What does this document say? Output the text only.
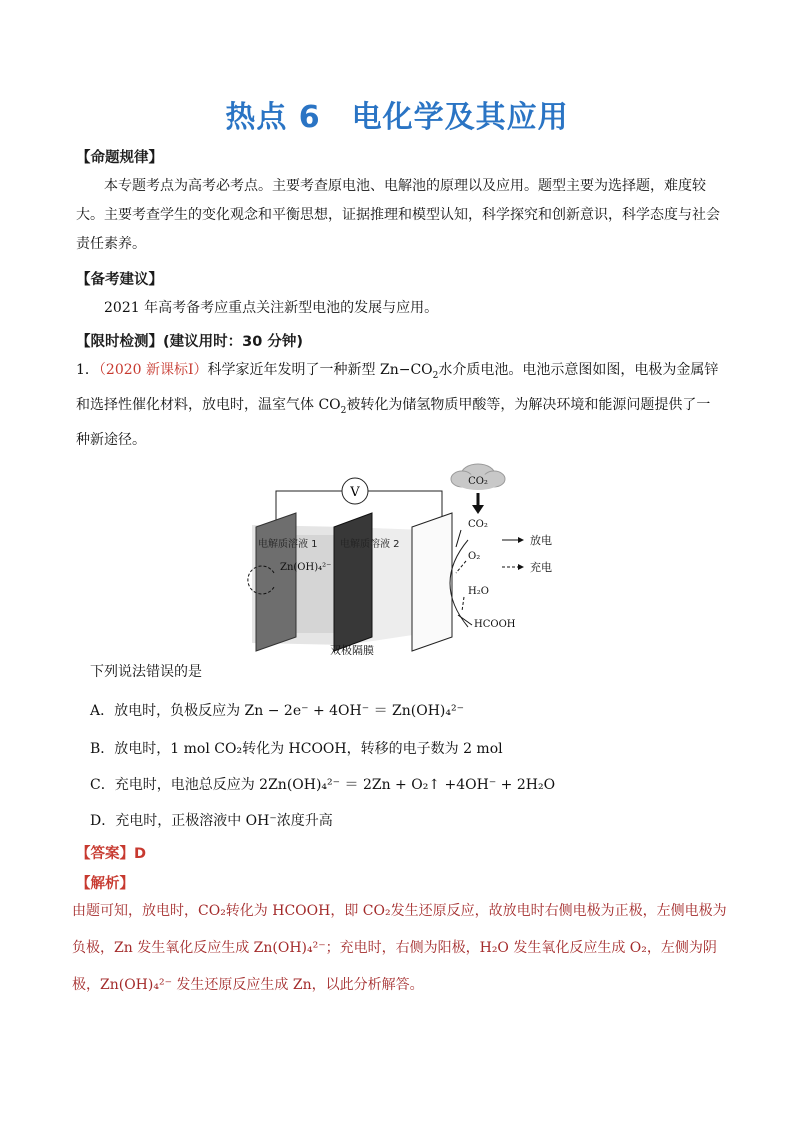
热点 6　电化学及其应用
【命题规律】
本专题考点为高考必考点。主要考查原电池、电解池的原理以及应用。题型主要为选择题，难度较大。主要考查学生的变化观念和平衡思想，证据推理和模型认知，科学探究和创新意识，科学态度与社会责任素养。
【备考建议】
2021 年高考备考应重点关注新型电池的发展与应用。
【限时检测】(建议用时：30 分钟)
1．（2020 新课标Ⅰ）科学家近年发明了一种新型 $Zn-CO_2$水介质电池。电池示意图如图，电极为金属锌和选择性催化材料，放电时，温室气体 $CO_2$被转化为储氢物质甲酸等，为解决环境和能源问题提供了一种新途径。
V
电解质溶液 1 电解质溶液 2
Zn(OH)₄²⁻
CO₂
CO₂
O₂
H₂O
HCOOH
放电
充电
双极隔膜
下列说法错误的是
A．放电时，负极反应为 Zn − 2e⁻ + 4OH⁻ ＝ Zn(OH)₄²⁻
B．放电时，1 mol CO₂转化为 HCOOH，转移的电子数为 2 mol
C．充电时，电池总反应为 2Zn(OH)₄²⁻ ＝ 2Zn + O₂↑ +4OH⁻ + 2H₂O
D．充电时，正极溶液中 OH⁻浓度升高
【答案】D
【解析】
由题可知，放电时，CO₂转化为 HCOOH，即 CO₂发生还原反应，故放电时右侧电极为正极，左侧电极为负极，Zn 发生氧化反应生成 Zn(OH)₄²⁻；充电时，右侧为阳极，H₂O 发生氧化反应生成 O₂，左侧为阴极，Zn(OH)₄²⁻ 发生还原反应生成 Zn，以此分析解答。
